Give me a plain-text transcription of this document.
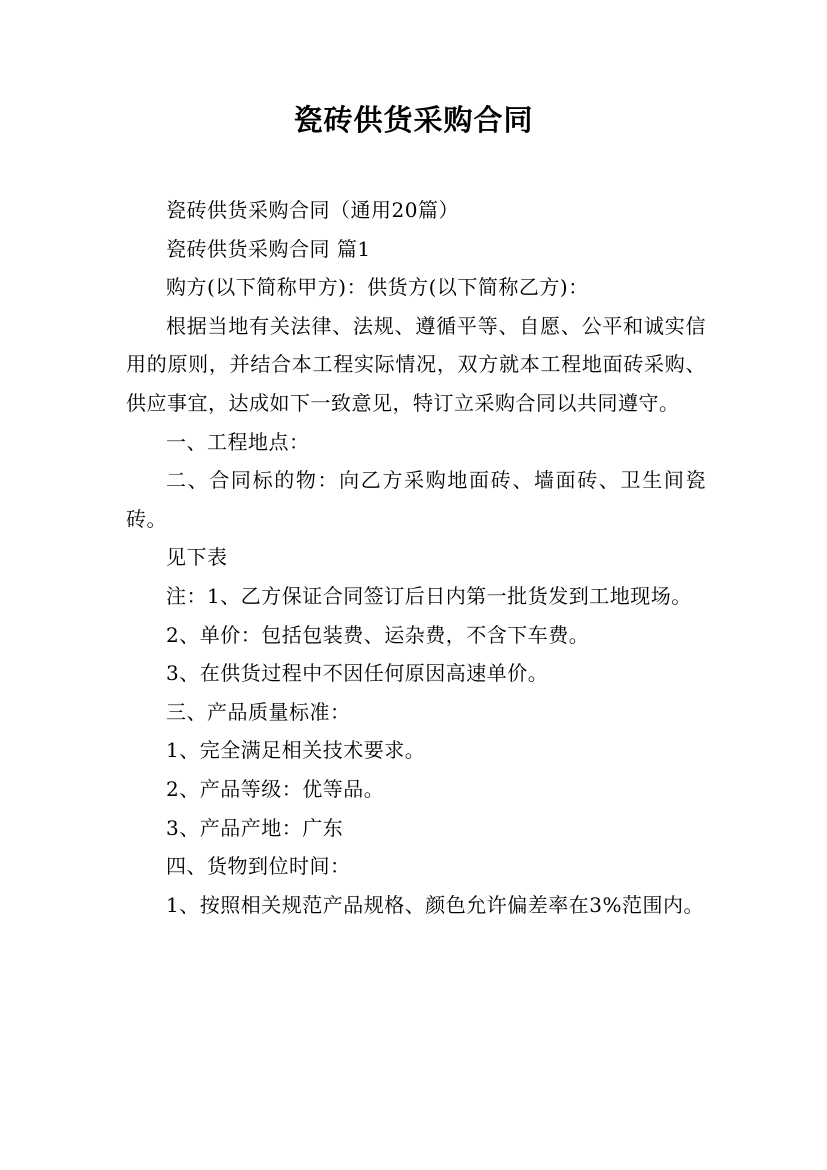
瓷砖供货采购合同

瓷砖供货采购合同（通用20篇）

瓷砖供货采购合同 篇1

购方(以下简称甲方)：供货方(以下简称乙方)：

根据当地有关法律、法规、遵循平等、自愿、公平和诚实信用的原则，并结合本工程实际情况，双方就本工程地面砖采购、供应事宜，达成如下一致意见，特订立采购合同以共同遵守。

一、工程地点：

二、合同标的物：向乙方采购地面砖、墙面砖、卫生间瓷砖。

见下表

注：1、乙方保证合同签订后日内第一批货发到工地现场。

2、单价：包括包装费、运杂费，不含下车费。

3、在供货过程中不因任何原因高速单价。

三、产品质量标准：

1、完全满足相关技术要求。

2、产品等级：优等品。

3、产品产地：广东

四、货物到位时间：

1、按照相关规范产品规格、颜色允许偏差率在3%范围内。
